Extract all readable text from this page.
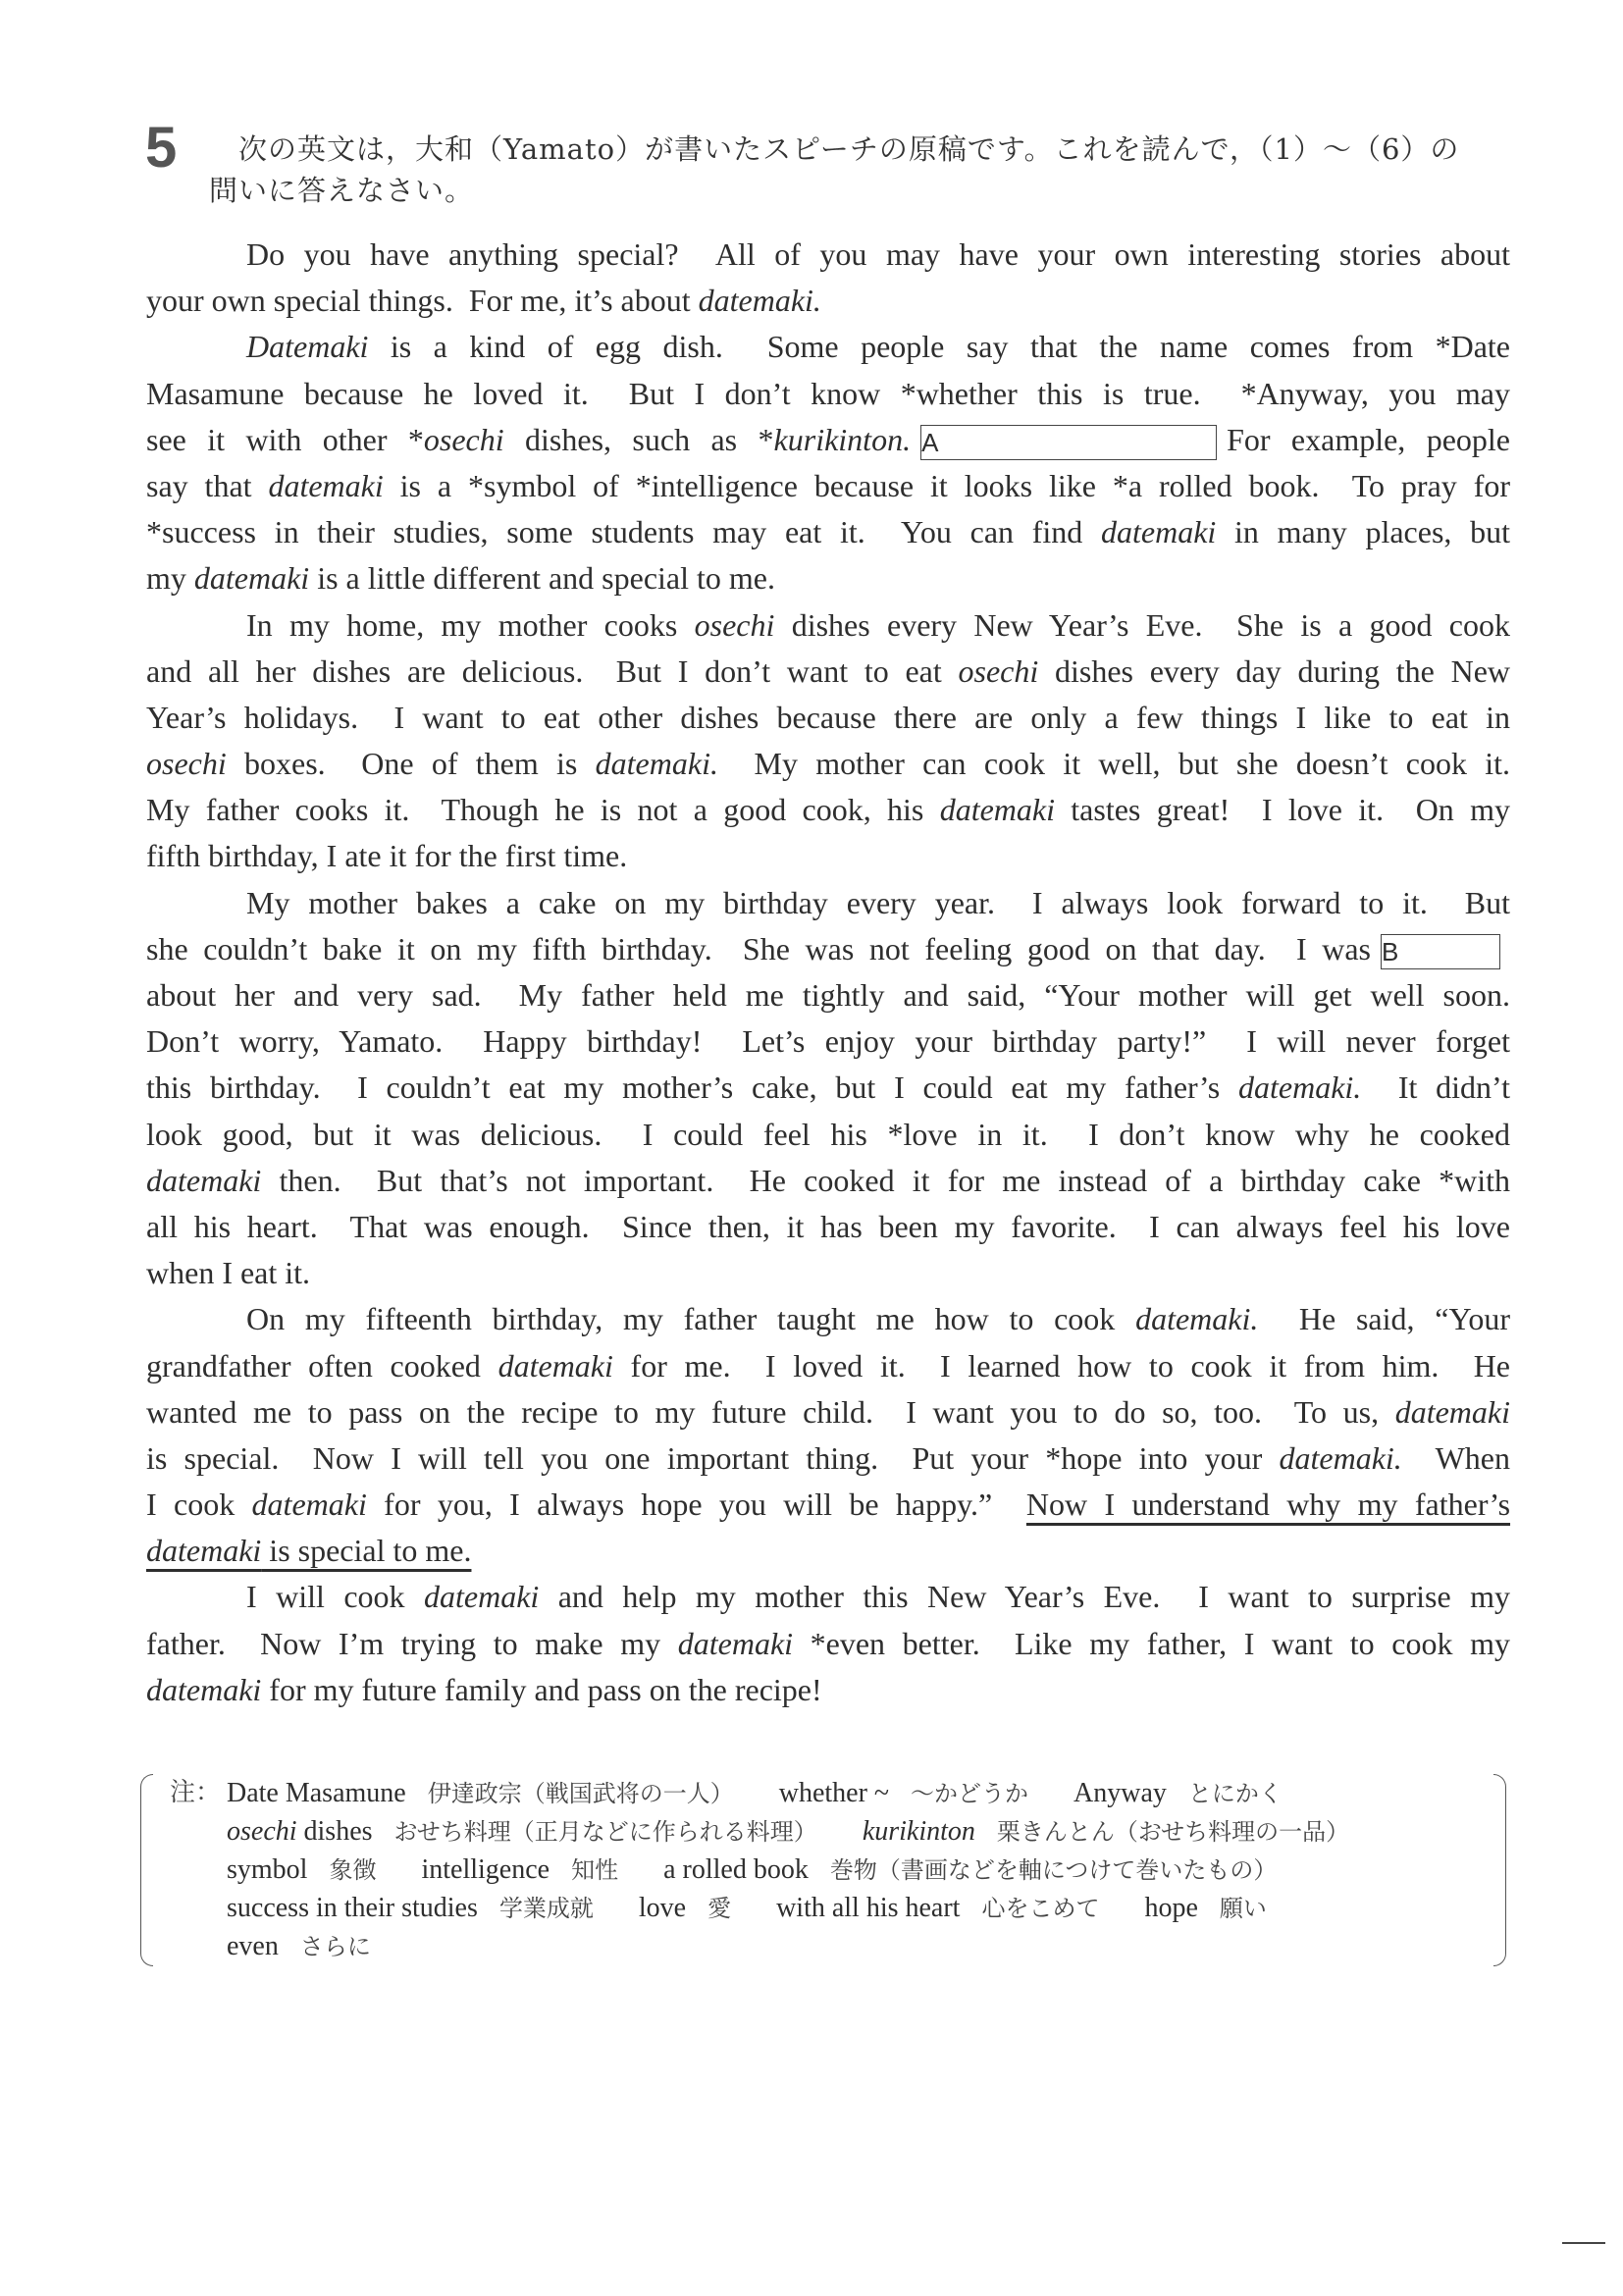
5 次の英文は，大和（Yamato）が書いたスピーチの原稿です。これを読んで，（1）～（6）の
問いに答えなさい。
Do you have anything special?  All of you may have your own interesting stories about
your own special things.  For me, it’s about datemaki.
Datemaki is a kind of egg dish.  Some people say that the name comes from *Date
Masamune because he loved it.  But I don’t know *whether this is true.  *Anyway, you may
see it with other *osechi dishes, such as *kurikinton. A	For example, people
say that datemaki is a *symbol of *intelligence because it looks like *a rolled book.  To pray for
*success in their studies, some students may eat it.  You can find datemaki in many places, but
my datemaki is a little different and special to me.
In my home, my mother cooks osechi dishes every New Year’s Eve.  She is a good cook
and all her dishes are delicious.  But I don’t want to eat osechi dishes every day during the New
Year’s holidays.  I want to eat other dishes because there are only a few things I like to eat in
osechi boxes.  One of them is datemaki.  My mother can cook it well, but she doesn’t cook it.
My father cooks it.  Though he is not a good cook, his datemaki tastes great!  I love it.  On my
fifth birthday, I ate it for the first time.
My mother bakes a cake on my birthday every year.  I always look forward to it.  But
she couldn’t bake it on my fifth birthday.  She was not feeling good on that day.  I was B
about her and very sad.  My father held me tightly and said, “Your mother will get well soon.
Don’t worry, Yamato.  Happy birthday!  Let’s enjoy your birthday party!”  I will never forget
this birthday.  I couldn’t eat my mother’s cake, but I could eat my father’s datemaki.  It didn’t
look good, but it was delicious.  I could feel his *love in it.  I don’t know why he cooked
datemaki then.  But that’s not important.  He cooked it for me instead of a birthday cake *with
all his heart.  That was enough.  Since then, it has been my favorite.  I can always feel his love
when I eat it.
On my fifteenth birthday, my father taught me how to cook datemaki.  He said, “Your
grandfather often cooked datemaki for me.  I loved it.  I learned how to cook it from him.  He
wanted me to pass on the recipe to my future child.  I want you to do so, too.  To us, datemaki
is special.  Now I will tell you one important thing.  Put your *hope into your datemaki.  When
I cook datemaki for you, I always hope you will be happy.”  Now I understand why my father’s
datemaki is special to me.
I will cook datemaki and help my mother this New Year’s Eve.  I want to surprise my
father.  Now I’m trying to make my datemaki *even better.  Like my father, I want to cook my
datemaki for my future family and pass on the recipe!
注： Date Masamune 伊達政宗（戦国武将の一人） whether ~ ～かどうか Anyway とにかく
osechi dishes おせち料理（正月などに作られる料理） kurikinton 栗きんとん（おせち料理の一品）
symbol 象徴 intelligence 知性 a rolled book 巻物（書画などを軸につけて巻いたもの）
success in their studies 学業成就 love 愛 with all his heart 心をこめて hope 願い
even さらに
